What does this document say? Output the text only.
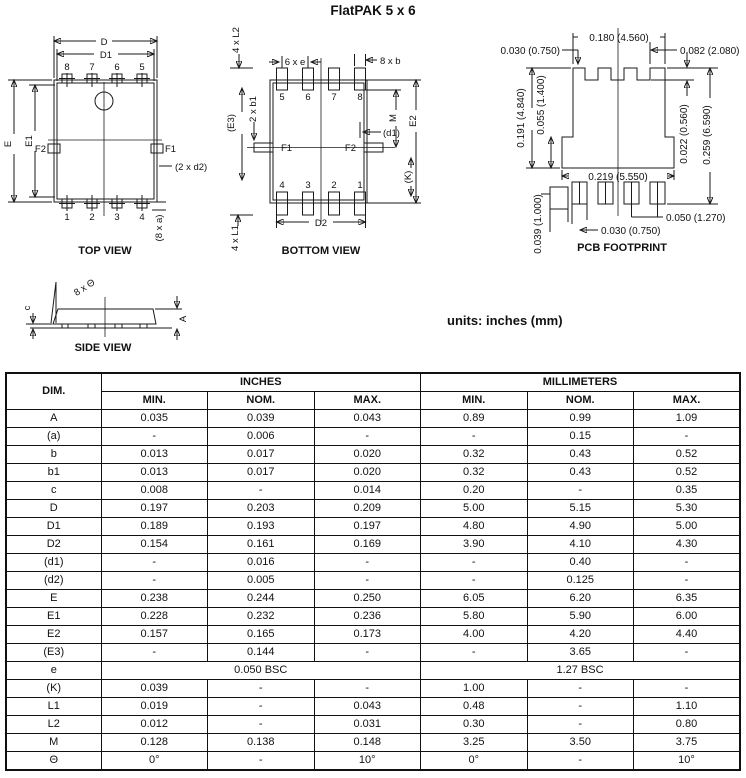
FlatPAK 5 x 6
8 7 6 5
1 2 3 4
D
D1
E E1
F2	F1
(2 x d2)
(8 x a)
TOP VIEW
5 6 7 8
4 3 2 1
4 x L2
6 x e	8 x b
(E3)
2 x b1	M E2
(d1)
F1	F2
(K)
D2
4 x L1
BOTTOM VIEW
0.180 (4.560)
0.030 (0.750)	0.082 (2.080)
0.191 (4.840) 0.055 (1.400)	0.022 (0.560) 0.259 (6.590)
0.219 (5.550)
0.050 (1.270)
0.030 (0.750)
0.039 (1.000)	PCB FOOTPRINT
8 x Θ
c
A
SIDE VIEW
units: inches (mm)
DIM.	INCHES			MILLIMETERS		
	MIN.	NOM.	MAX.	MIN.	NOM.	MAX.
A	0.035	0.039	0.043	0.89	0.99	1.09
(a)	-	0.006	-	-	0.15	-
b	0.013	0.017	0.020	0.32	0.43	0.52
b1	0.013	0.017	0.020	0.32	0.43	0.52
c	0.008	-	0.014	0.20	-	0.35
D	0.197	0.203	0.209	5.00	5.15	5.30
D1	0.189	0.193	0.197	4.80	4.90	5.00
D2	0.154	0.161	0.169	3.90	4.10	4.30
(d1)	-	0.016	-	-	0.40	-
(d2)	-	0.005	-	-	0.125	-
E	0.238	0.244	0.250	6.05	6.20	6.35
E1	0.228	0.232	0.236	5.80	5.90	6.00
E2	0.157	0.165	0.173	4.00	4.20	4.40
(E3)	-	0.144	-	-	3.65	-
e	0.050 BSC			1.27 BSC		
(K)	0.039	-	-	1.00	-	-
L1	0.019	-	0.043	0.48	-	1.10
L2	0.012	-	0.031	0.30	-	0.80
M	0.128	0.138	0.148	3.25	3.50	3.75
Θ	0°	-	10°	0°	-	10°
